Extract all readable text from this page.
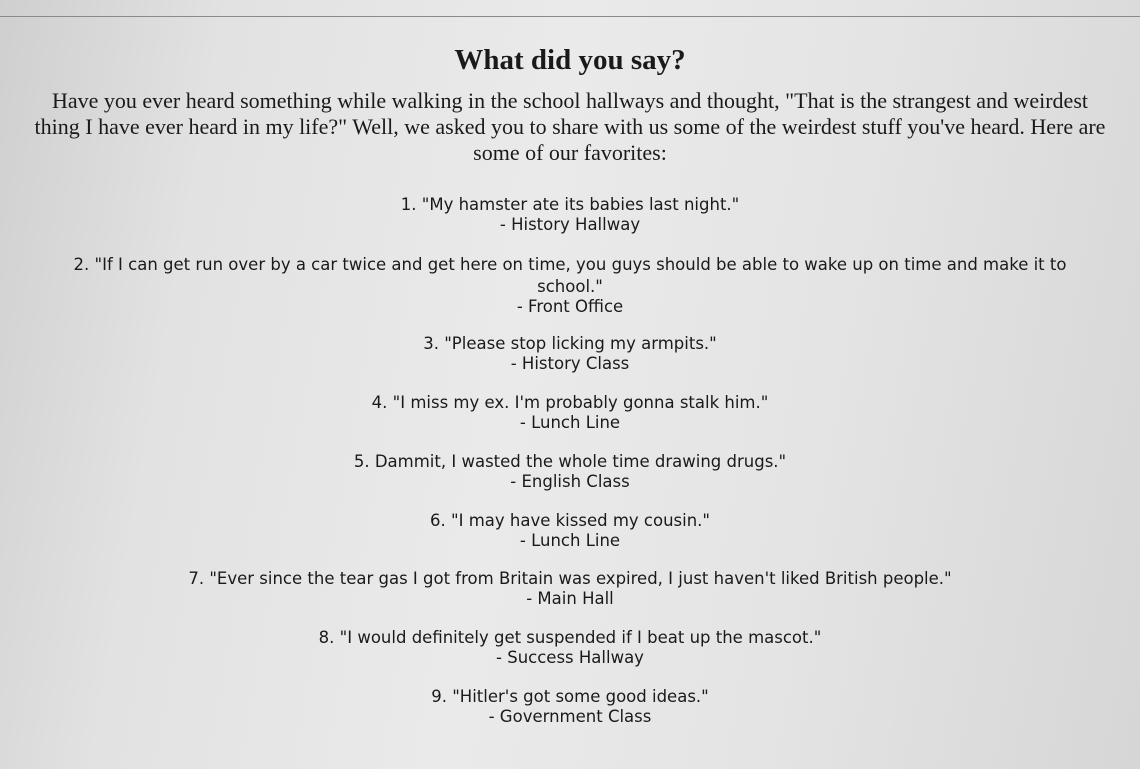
What did you say?

Have you ever heard something while walking in the school hallways and thought, "That is the strangest and weirdest thing I have ever heard in my life?" Well, we asked you to share with us some of the weirdest stuff you've heard. Here are some of our favorites:

1. "My hamster ate its babies last night."
- History Hallway
2. "If I can get run over by a car twice and get here on time, you guys should be able to wake up on time and make it to school."
- Front Office
3. "Please stop licking my armpits."
- History Class
4. "I miss my ex. I'm probably gonna stalk him."
- Lunch Line
5. Dammit, I wasted the whole time drawing drugs."
- English Class
6. "I may have kissed my cousin."
- Lunch Line
7. "Ever since the tear gas I got from Britain was expired, I just haven't liked British people."
- Main Hall
8. "I would definitely get suspended if I beat up the mascot."
- Success Hallway
9. "Hitler's got some good ideas."
- Government Class
